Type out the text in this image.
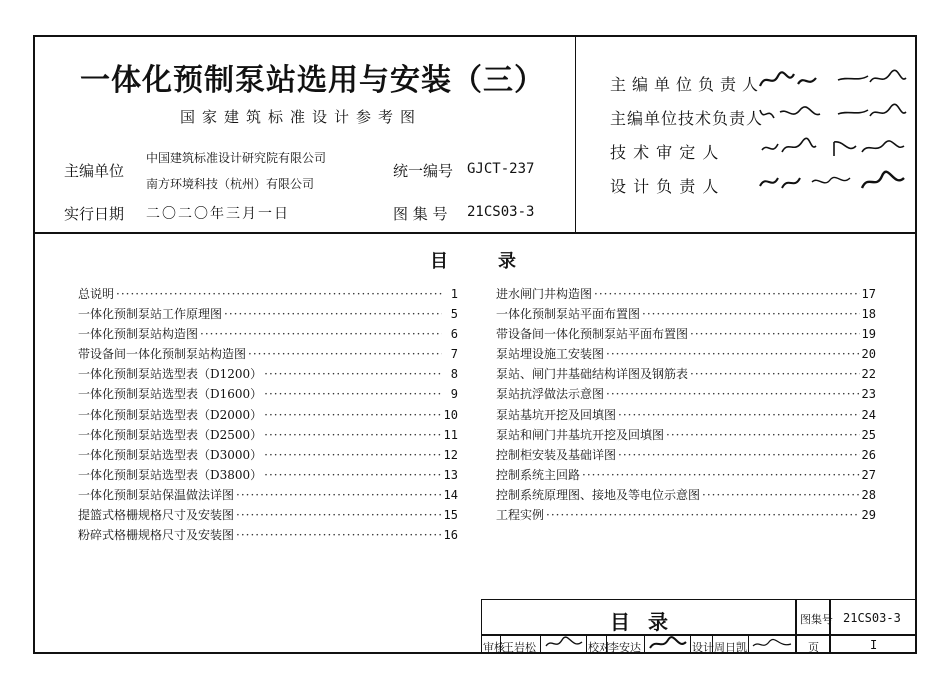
一体化预制泵站选用与安装（三）
国家建筑标准设计参考图
主编单位
中国建筑标准设计研究院有限公司
南方环境科技（杭州）有限公司
统一编号 GJCT-237
实行日期 二〇二〇年三月一日	图 集 号 21CS03-3
主编单位负责人
主编单位技术负责人
技 术 审 定 人
设 计 负 责 人
目录
总说明 ·····	1
一体化预制泵站工作原理图 ·····	5
一体化预制泵站构造图 ·····	6
带设备间一体化预制泵站构造图 ·····	7
一体化预制泵站选型表（D1200） ·····	8
一体化预制泵站选型表（D1600） ·····	9
一体化预制泵站选型表（D2000） ·····	10
一体化预制泵站选型表（D2500） ·····	11
一体化预制泵站选型表（D3000） ·····	12
一体化预制泵站选型表（D3800） ·····	13
一体化预制泵站保温做法详图 ·····	14
提篮式格栅规格尺寸及安装图 ·····	15
粉碎式格栅规格尺寸及安装图 ·····	16
进水闸门井构造图 ·····	17
一体化预制泵站平面布置图 ·····	18
带设备间一体化预制泵站平面布置图 ·····	19
泵站埋设施工安装图 ·····	20
泵站、闸门井基础结构详图及钢筋表 ·····	22
泵站抗浮做法示意图 ·····	23
泵站基坑开挖及回填图 ·····	24
泵站和闸门井基坑开挖及回填图 ·····	25
控制柜安装及基础详图 ·····	26
控制系统主回路 ·····	27
控制系统原理图、接地及等电位示意图 ·····	28
工程实例 ·····	29
目录	图集号 21CS03-3
审核
王岩松	校对
李安达	设计 周日凯	页	I
